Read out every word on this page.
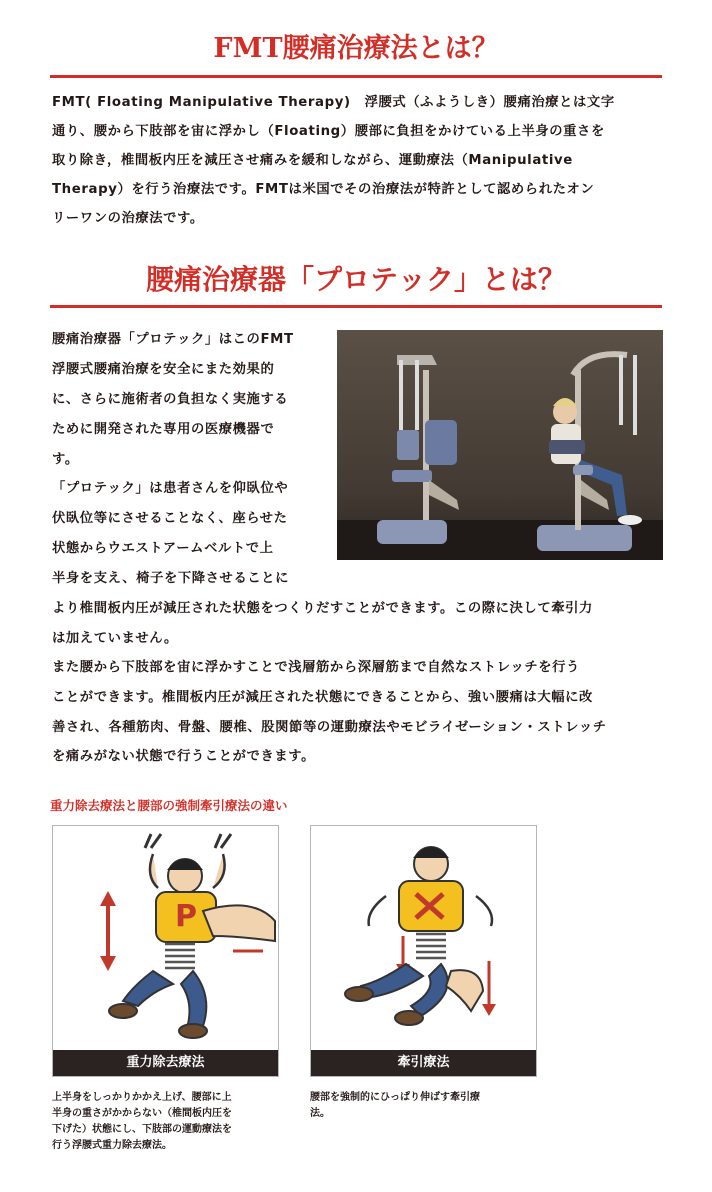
FMT腰痛治療法とは？
FMT( Floating Manipulative Therapy)　浮腰式（ふようしき）腰痛治療とは文字
通り、腰から下肢部を宙に浮かし（Floating）腰部に負担をかけている上半身の重さを
取り除き，椎間板内圧を減圧させ痛みを緩和しながら、運動療法（Manipulative
Therapy）を行う治療法です。FMTは米国でその治療法が特許として認められたオン
リーワンの治療法です。
腰痛治療器「プロテック」とは？
腰痛治療器「プロテック」はこのFMT
浮腰式腰痛治療を安全にまた効果的
に、さらに施術者の負担なく実施する
ために開発された専用の医療機器で
す。
「プロテック」は患者さんを仰臥位や
伏臥位等にさせることなく、座らせた
状態からウエストアームベルトで上
半身を支え、椅子を下降させることに
より椎間板内圧が減圧された状態をつくりだすことができます。この際に決して牽引力
は加えていません。
また腰から下肢部を宙に浮かすことで浅層筋から深層筋まで自然なストレッチを行う
ことができます。椎間板内圧が減圧された状態にできることから、強い腰痛は大幅に改
善され、各種筋肉、骨盤、腰椎、股関節等の運動療法やモビライゼーション・ストレッチ
を痛みがない状態で行うことができます。
重力除去療法と腰部の強制牽引療法の違い
P
重力除去療法	牽引療法
上半身をしっかりかかえ上げ、腰部に上
半身の重さがかからない（椎間板内圧を
下げた）状態にし、下肢部の運動療法を
行う浮腰式重力除去療法。
腰部を強制的にひっぱり伸ばす牽引療
法。
